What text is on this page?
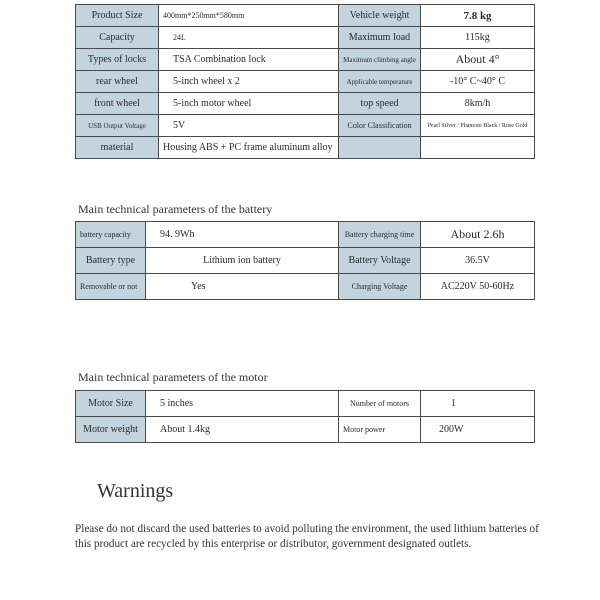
Product Size	400mm*250mm*580mm	Vehicle weight	7.8 kg
Capacity	24L	Maximum load	115kg
Types of locks	TSA Combination lock	Maximum climbing angle	About 4°
rear wheel	5-inch wheel x 2	Applicable temperature	-10° C~40° C
front wheel	5-inch motor wheel	top speed	8km/h
USB Output Voltage	5V	Color Classification	Pearl Silver / Phantom Black / Rose Gold
material	Housing ABS + PC frame aluminum alloy		
Main technical parameters of the battery
battery capacity	94. 9Wh	Battery charging time	About 2.6h
Battery type	Lithium ion battery	Battery Voltage	36.5V
Removable or not	Yes	Charging Voltage	AC220V 50-60Hz
Main technical parameters of the motor
Motor Size	5 inches	Number of motors	1
Motor weight	About 1.4kg	Motor power	200W
Warnings
Please do not discard the used batteries to avoid polluting the environment, the used lithium batteries of this product are recycled by this enterprise or distributor, government designated outlets.
